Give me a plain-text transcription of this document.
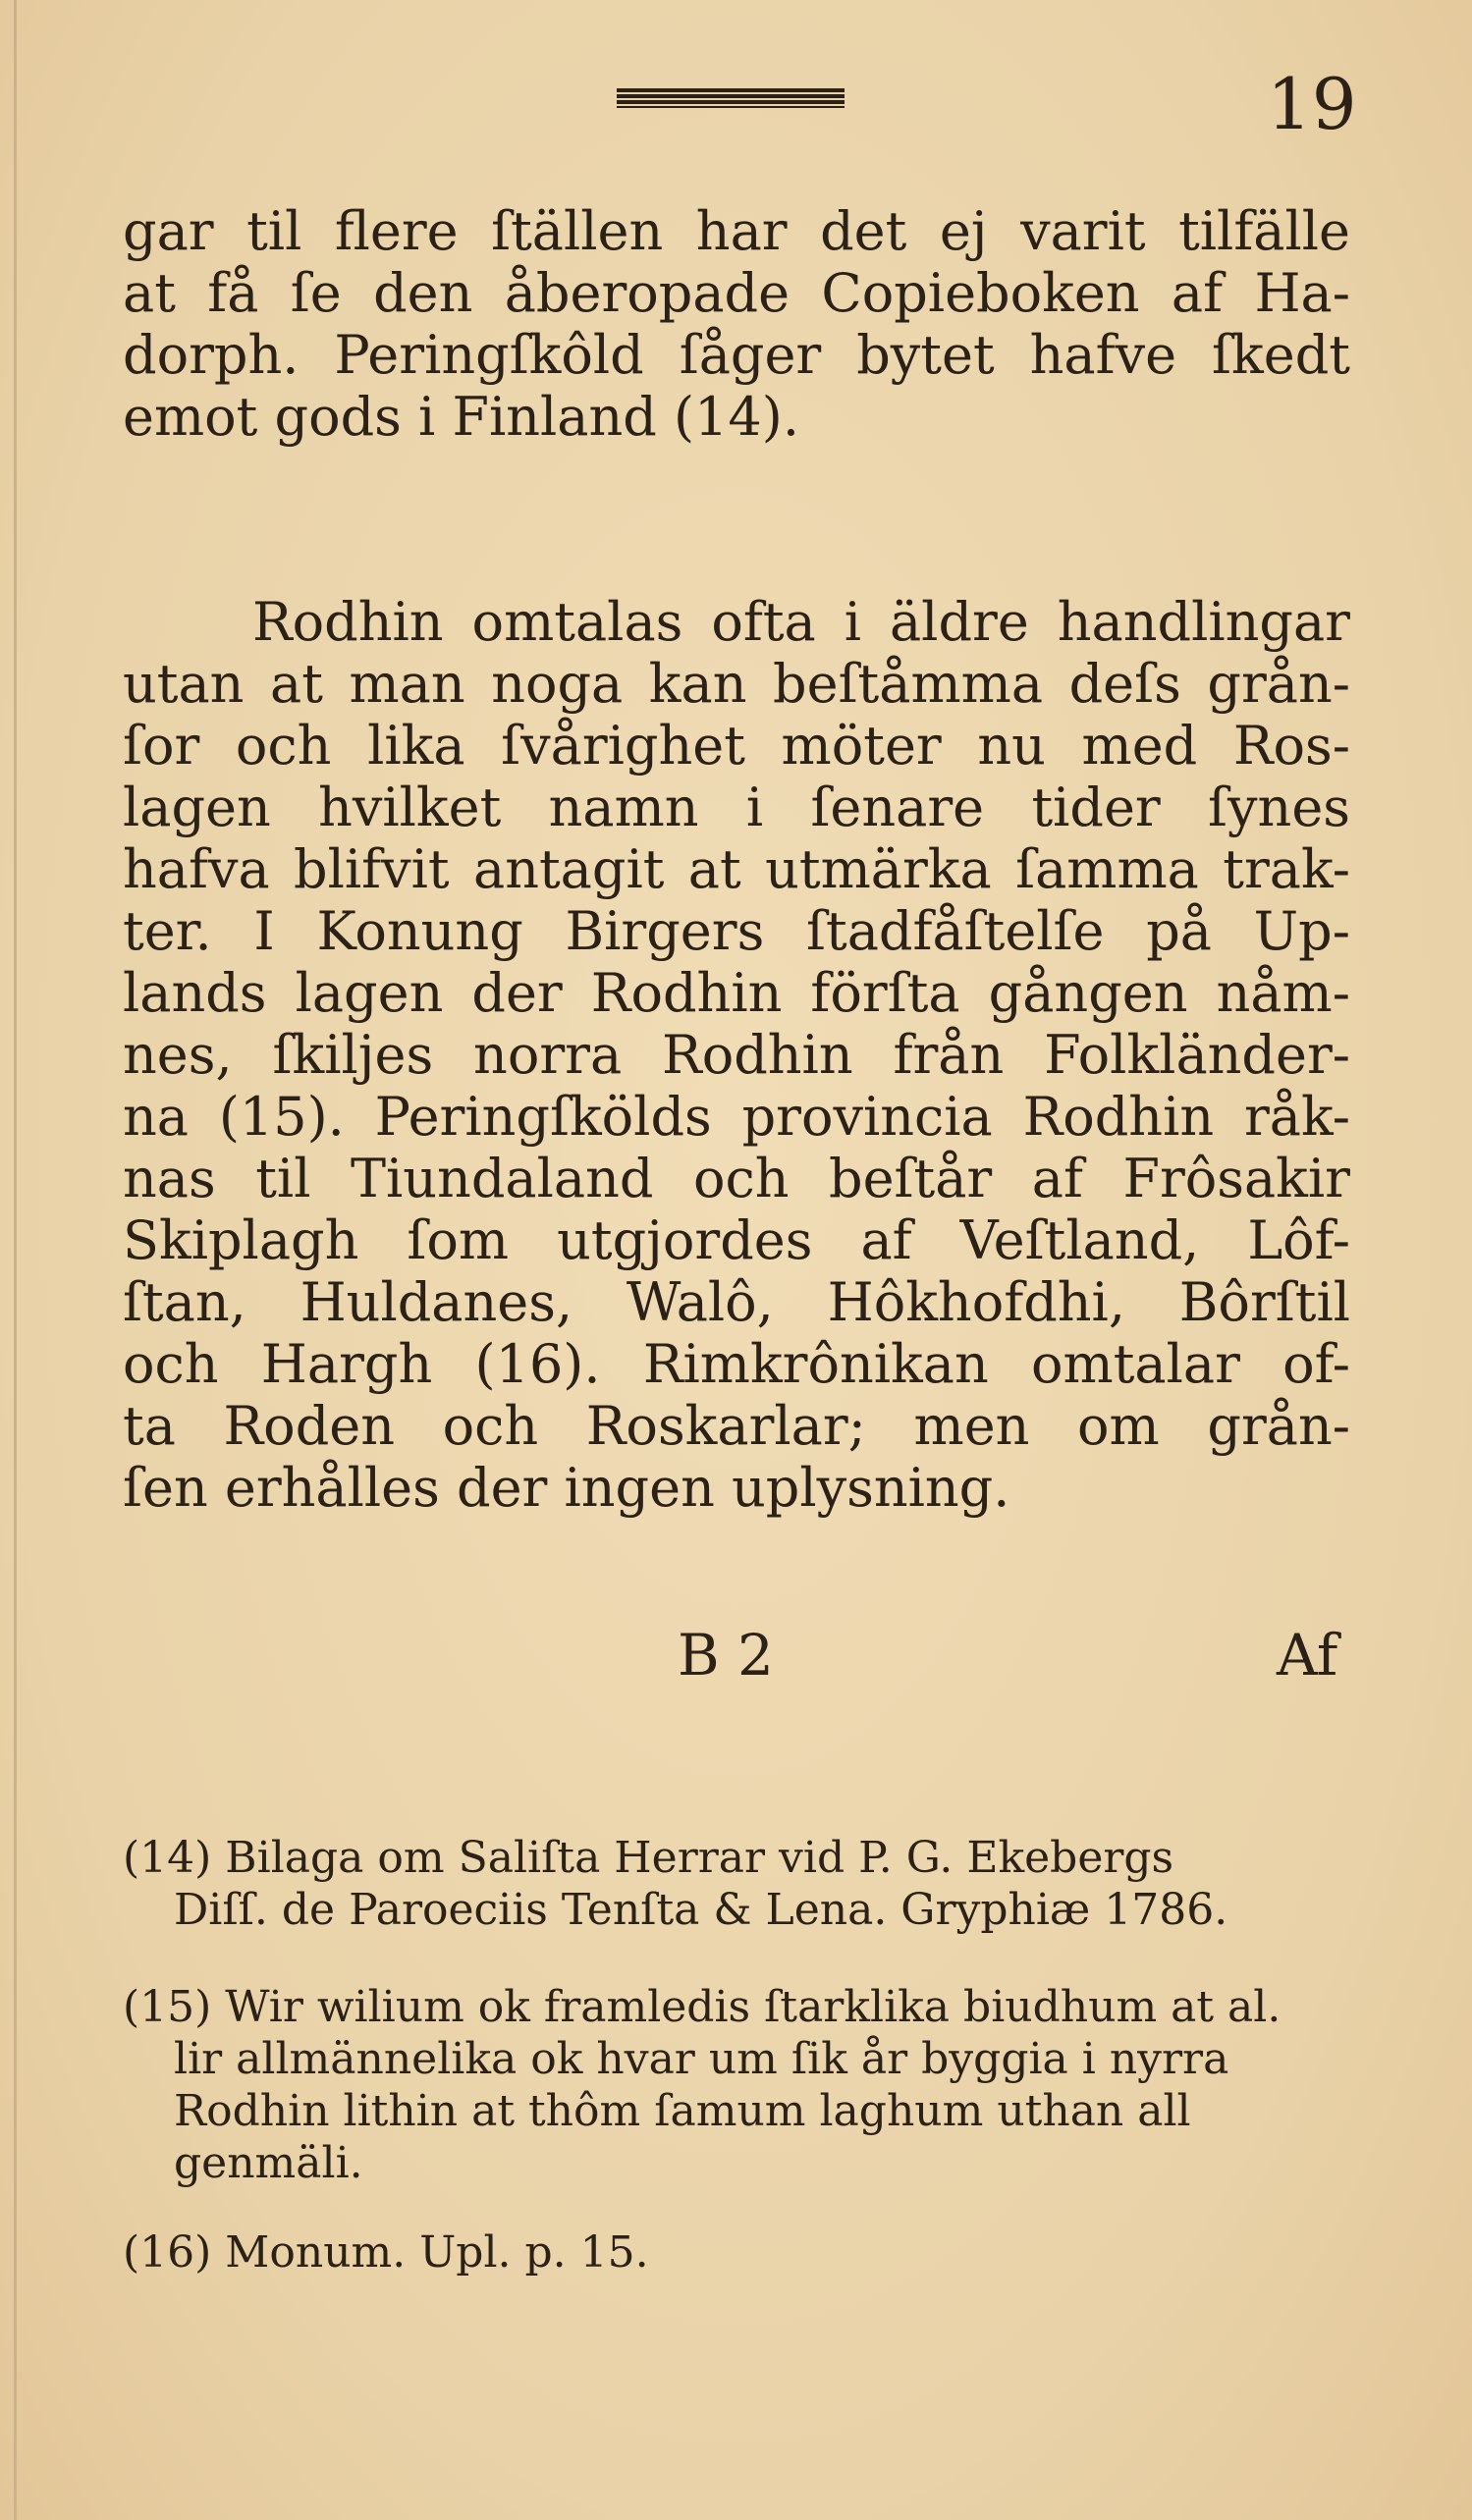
19
gar til flere ſtällen har det ej varit tilfälle
at få ſe den åberopade Copieboken af Ha-
dorph. Peringſkôld ſåger bytet hafve ſkedt
emot gods i Finland (14).
Rodhin omtalas ofta i äldre handlingar
utan at man noga kan beſtåmma deſs grån-
ſor och lika ſvårighet möter nu med Ros-
lagen hvilket namn i ſenare tider ſynes
hafva blifvit antagit at utmärka ſamma trak-
ter. I Konung Birgers ſtadfåſtelſe på Up-
lands lagen der Rodhin förſta gången nåm-
nes, ſkiljes norra Rodhin från Folkländer-
na (15). Peringſkölds provincia Rodhin råk-
nas til Tiundaland och beſtår af Frôsakir
Skiplagh ſom utgjordes af Veſtland, Lôf-
ſtan, Huldanes, Walô, Hôkhofdhi, Bôrſtil
och Hargh (16). Rimkrônikan omtalar of-
ta Roden och Roskarlar; men om grån-
ſen erhålles der ingen uplysning.
B 2	Af
(14) Bilaga om Saliſta Herrar vid P. G. Ekebergs
Diſſ. de Paroeciis Tenſta & Lena. Gryphiæ 1786.
(15) Wir wilium ok framledis ſtarklika biudhum at al.
lir allmännelika ok hvar um ſik år byggia i nyrra
Rodhin lithin at thôm ſamum laghum uthan all
genmäli.
(16) Monum. Upl. p. 15.
